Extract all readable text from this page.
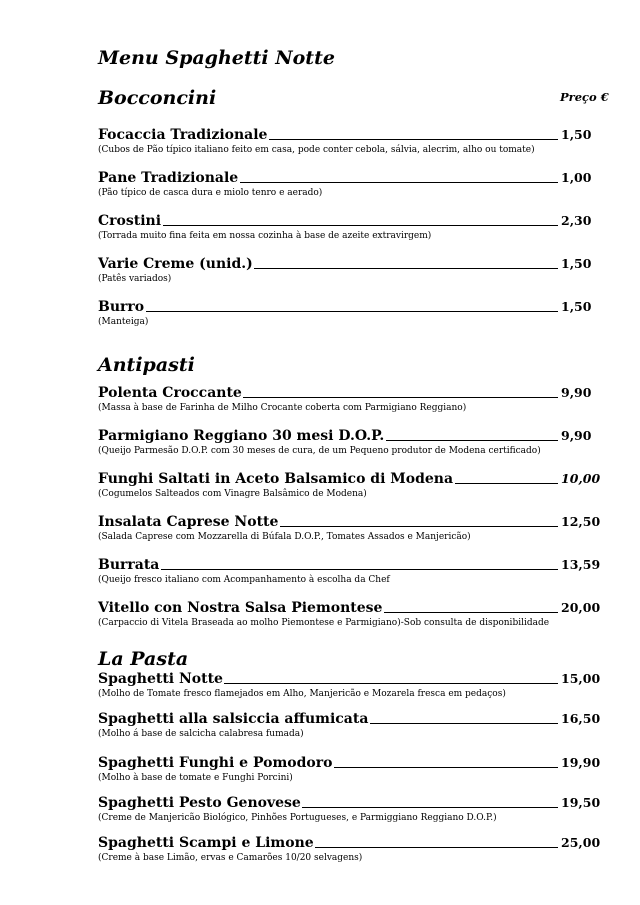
Menu Spaghetti Notte
Bocconcini	Preço €
Focaccia Tradizionale	1,50
(Cubos de Pão típico italiano feito em casa, pode conter cebola, sálvia, alecrim, alho ou tomate)
Pane Tradizionale	1,00
(Pão típico de casca dura e miolo tenro e aerado)
Crostini	2,30
(Torrada muito fina feita em nossa cozinha à base de azeite extravirgem)
Varie Creme (unid.)	1,50
(Patês variados)
Burro	1,50
(Manteiga)
Antipasti
Polenta Croccante	9,90
(Massa à base de Farinha de Milho Crocante coberta com Parmigiano Reggiano)
Parmigiano Reggiano 30 mesi D.O.P.	9,90
(Queijo Parmesão D.O.P. com 30 meses de cura, de um Pequeno produtor de Modena certificado)
Funghi Saltati in Aceto Balsamico di Modena	10,00
(Cogumelos Salteados com Vinagre Balsâmico de Modena)
Insalata Caprese Notte	12,50
(Salada Caprese com Mozzarella di Búfala D.O.P., Tomates Assados e Manjericão)
Burrata	13,59
(Queijo fresco italiano com Acompanhamento à escolha da Chef
Vitello con Nostra Salsa Piemontese	20,00
(Carpaccio di Vitela Braseada ao molho Piemontese e Parmigiano)-Sob consulta de disponibilidade
La Pasta
Spaghetti Notte	15,00
(Molho de Tomate fresco flamejados em Alho, Manjericão e Mozarela fresca em pedaços)
Spaghetti alla salsiccia affumicata	16,50
(Molho á base de salcicha calabresa fumada)
Spaghetti Funghi e Pomodoro	19,90
(Molho à base de tomate e Funghi Porcini)
Spaghetti Pesto Genovese	19,50
(Creme de Manjericão Biológico, Pinhões Portugueses, e Parmiggiano Reggiano D.O.P.)
Spaghetti Scampi e Limone	25,00
(Creme à base Limão, ervas e Camarões 10/20 selvagens)
